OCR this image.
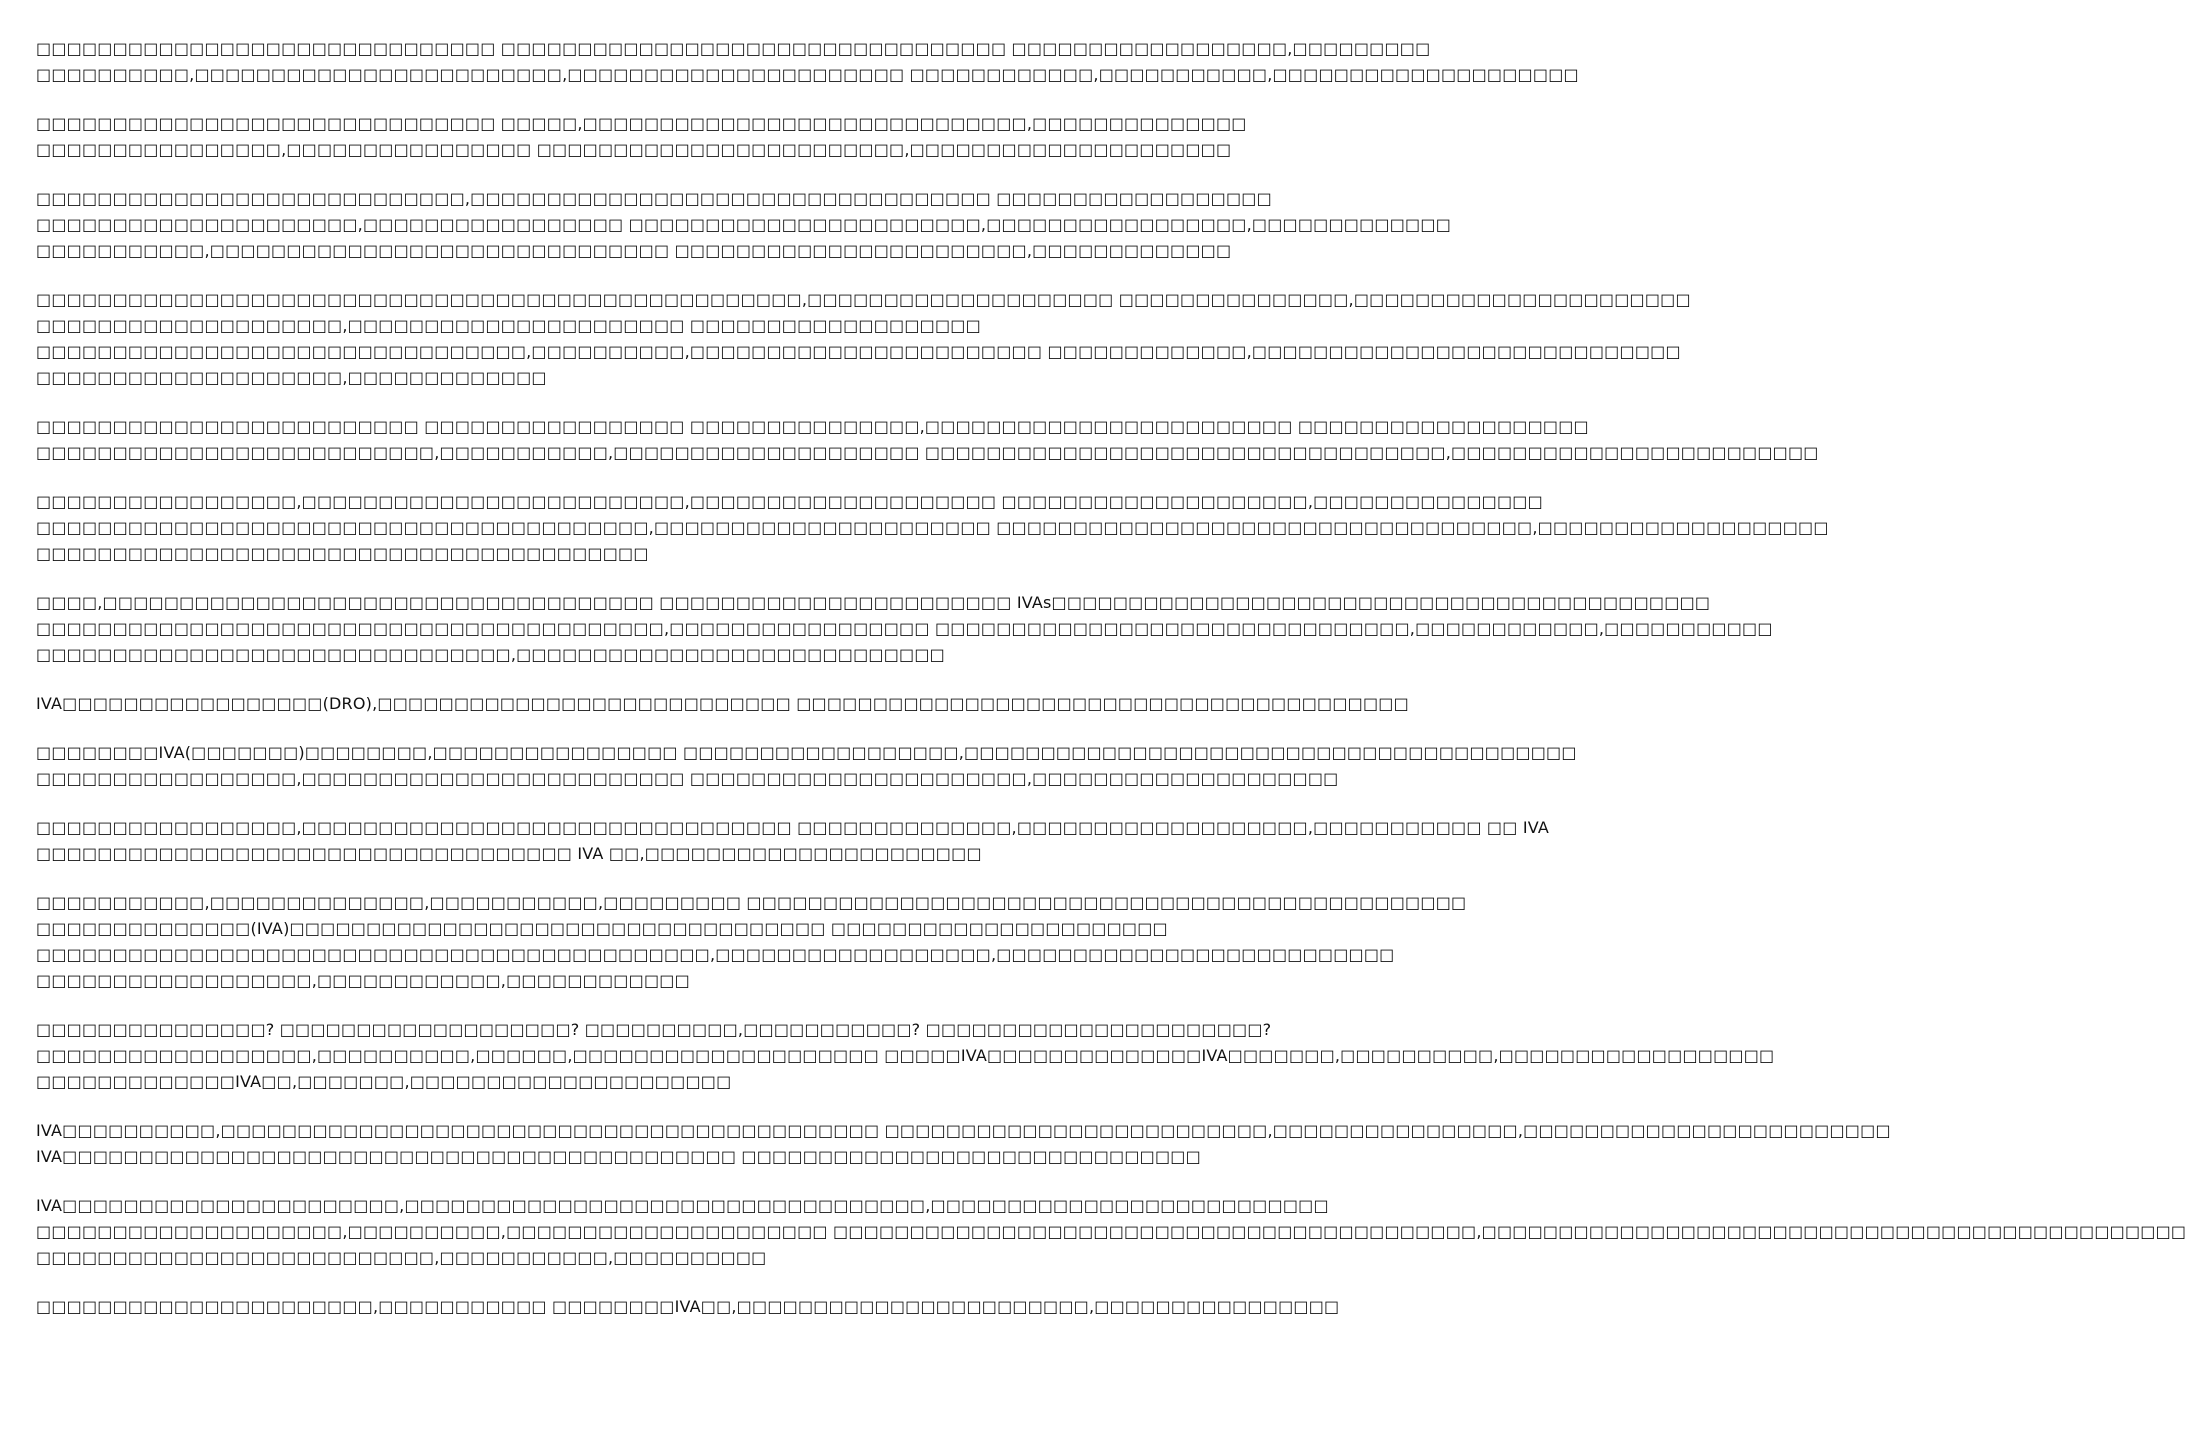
□□□□□□□□□□□□□□□□□□□□□□□□□□□□□□ □□□□□□□□□□□□□□□□□□□□□□□□□□□□□□□□□ □□□□□□□□□□□□□□□□□□,□□□□□□□□□
□□□□□□□□□□,□□□□□□□□□□□□□□□□□□□□□□□□,□□□□□□□□□□□□□□□□□□□□□□ □□□□□□□□□□□□,□□□□□□□□□□□,□□□□□□□□□□□□□□□□□□□□
□□□□□□□□□□□□□□□□□□□□□□□□□□□□□□ □□□□□,□□□□□□□□□□□□□□□□□□□□□□□□□□□□□,□□□□□□□□□□□□□□
□□□□□□□□□□□□□□□□,□□□□□□□□□□□□□□□□ □□□□□□□□□□□□□□□□□□□□□□□□,□□□□□□□□□□□□□□□□□□□□□
□□□□□□□□□□□□□□□□□□□□□□□□□□□□,□□□□□□□□□□□□□□□□□□□□□□□□□□□□□□□□□□ □□□□□□□□□□□□□□□□□□
□□□□□□□□□□□□□□□□□□□□□,□□□□□□□□□□□□□□□□□ □□□□□□□□□□□□□□□□□□□□□□□,□□□□□□□□□□□□□□□□□,□□□□□□□□□□□□□
□□□□□□□□□□□,□□□□□□□□□□□□□□□□□□□□□□□□□□□□□□ □□□□□□□□□□□□□□□□□□□□□□□,□□□□□□□□□□□□□
□□□□□□□□□□□□□□□□□□□□□□□□□□□□□□□□□□□□□□□□□□□□□□□□□□,□□□□□□□□□□□□□□□□□□□□ □□□□□□□□□□□□□□□,□□□□□□□□□□□□□□□□□□□□□□
□□□□□□□□□□□□□□□□□□□□,□□□□□□□□□□□□□□□□□□□□□□ □□□□□□□□□□□□□□□□□□□
□□□□□□□□□□□□□□□□□□□□□□□□□□□□□□□□,□□□□□□□□□□,□□□□□□□□□□□□□□□□□□□□□□□ □□□□□□□□□□□□□,□□□□□□□□□□□□□□□□□□□□□□□□□□□□
□□□□□□□□□□□□□□□□□□□□,□□□□□□□□□□□□□
□□□□□□□□□□□□□□□□□□□□□□□□□ □□□□□□□□□□□□□□□□□ □□□□□□□□□□□□□□□,□□□□□□□□□□□□□□□□□□□□□□□□ □□□□□□□□□□□□□□□□□□□
□□□□□□□□□□□□□□□□□□□□□□□□□□,□□□□□□□□□□□,□□□□□□□□□□□□□□□□□□□□ □□□□□□□□□□□□□□□□□□□□□□□□□□□□□□□□□□,□□□□□□□□□□□□□□□□□□□□□□□□
□□□□□□□□□□□□□□□□□,□□□□□□□□□□□□□□□□□□□□□□□□□,□□□□□□□□□□□□□□□□□□□□ □□□□□□□□□□□□□□□□□□□□,□□□□□□□□□□□□□□□
□□□□□□□□□□□□□□□□□□□□□□□□□□□□□□□□□□□□□□□□,□□□□□□□□□□□□□□□□□□□□□□ □□□□□□□□□□□□□□□□□□□□□□□□□□□□□□□□□□□,□□□□□□□□□□□□□□□□□□□
□□□□□□□□□□□□□□□□□□□□□□□□□□□□□□□□□□□□□□□□
□□□□,□□□□□□□□□□□□□□□□□□□□□□□□□□□□□□□□□□□□ □□□□□□□□□□□□□□□□□□□□□□□ IVAs□□□□□□□□□□□□□□□□□□□□□□□□□□□□□□□□□□□□□□□□□□□
□□□□□□□□□□□□□□□□□□□□□□□□□□□□□□□□□□□□□□□□□,□□□□□□□□□□□□□□□□□ □□□□□□□□□□□□□□□□□□□□□□□□□□□□□□□,□□□□□□□□□□□□,□□□□□□□□□□□
□□□□□□□□□□□□□□□□□□□□□□□□□□□□□□□,□□□□□□□□□□□□□□□□□□□□□□□□□□□□
IVA□□□□□□□□□□□□□□□□□(DRO),□□□□□□□□□□□□□□□□□□□□□□□□□□□ □□□□□□□□□□□□□□□□□□□□□□□□□□□□□□□□□□□□□□□□
□□□□□□□□IVA(□□□□□□□)□□□□□□□□,□□□□□□□□□□□□□□□□ □□□□□□□□□□□□□□□□□□,□□□□□□□□□□□□□□□□□□□□□□□□□□□□□□□□□□□□□□□□
□□□□□□□□□□□□□□□□□,□□□□□□□□□□□□□□□□□□□□□□□□□ □□□□□□□□□□□□□□□□□□□□□□,□□□□□□□□□□□□□□□□□□□□
□□□□□□□□□□□□□□□□□,□□□□□□□□□□□□□□□□□□□□□□□□□□□□□□□□ □□□□□□□□□□□□□□,□□□□□□□□□□□□□□□□□□□,□□□□□□□□□□□ □□ IVA
□□□□□□□□□□□□□□□□□□□□□□□□□□□□□□□□□□□ IVA □□,□□□□□□□□□□□□□□□□□□□□□□
□□□□□□□□□□□,□□□□□□□□□□□□□□,□□□□□□□□□□□,□□□□□□□□□ □□□□□□□□□□□□□□□□□□□□□□□□□□□□□□□□□□□□□□□□□□□□□□□
□□□□□□□□□□□□□□(IVA)□□□□□□□□□□□□□□□□□□□□□□□□□□□□□□□□□□□ □□□□□□□□□□□□□□□□□□□□□□
□□□□□□□□□□□□□□□□□□□□□□□□□□□□□□□□□□□□□□□□□□□□,□□□□□□□□□□□□□□□□□□,□□□□□□□□□□□□□□□□□□□□□□□□□□
□□□□□□□□□□□□□□□□□□,□□□□□□□□□□□□,□□□□□□□□□□□□
□□□□□□□□□□□□□□□? □□□□□□□□□□□□□□□□□□□? □□□□□□□□□□,□□□□□□□□□□□? □□□□□□□□□□□□□□□□□□□□□□?
□□□□□□□□□□□□□□□□□□,□□□□□□□□□□,□□□□□□,□□□□□□□□□□□□□□□□□□□□ □□□□□IVA□□□□□□□□□□□□□□IVA□□□□□□□,□□□□□□□□□□,□□□□□□□□□□□□□□□□□□
□□□□□□□□□□□□□IVA□□,□□□□□□□,□□□□□□□□□□□□□□□□□□□□□
IVA□□□□□□□□□□,□□□□□□□□□□□□□□□□□□□□□□□□□□□□□□□□□□□□□□□□□□□ □□□□□□□□□□□□□□□□□□□□□□□□□,□□□□□□□□□□□□□□□□,□□□□□□□□□□□□□□□□□□□□□□□□
IVA□□□□□□□□□□□□□□□□□□□□□□□□□□□□□□□□□□□□□□□□□□□□ □□□□□□□□□□□□□□□□□□□□□□□□□□□□□□
IVA□□□□□□□□□□□□□□□□□□□□□□,□□□□□□□□□□□□□□□□□□□□□□□□□□□□□□□□□□,□□□□□□□□□□□□□□□□□□□□□□□□□□
□□□□□□□□□□□□□□□□□□□□,□□□□□□□□□□,□□□□□□□□□□□□□□□□□□□□□ □□□□□□□□□□□□□□□□□□□□□□□□□□□□□□□□□□□□□□□□□□,□□□□□□□□□□□□□□□□□□□□□□□□□□□□□□□□□□□□□□□□□□□□□□
□□□□□□□□□□□□□□□□□□□□□□□□□□,□□□□□□□□□□□,□□□□□□□□□□
□□□□□□□□□□□□□□□□□□□□□□,□□□□□□□□□□□ □□□□□□□□IVA□□,□□□□□□□□□□□□□□□□□□□□□□□,□□□□□□□□□□□□□□□□
